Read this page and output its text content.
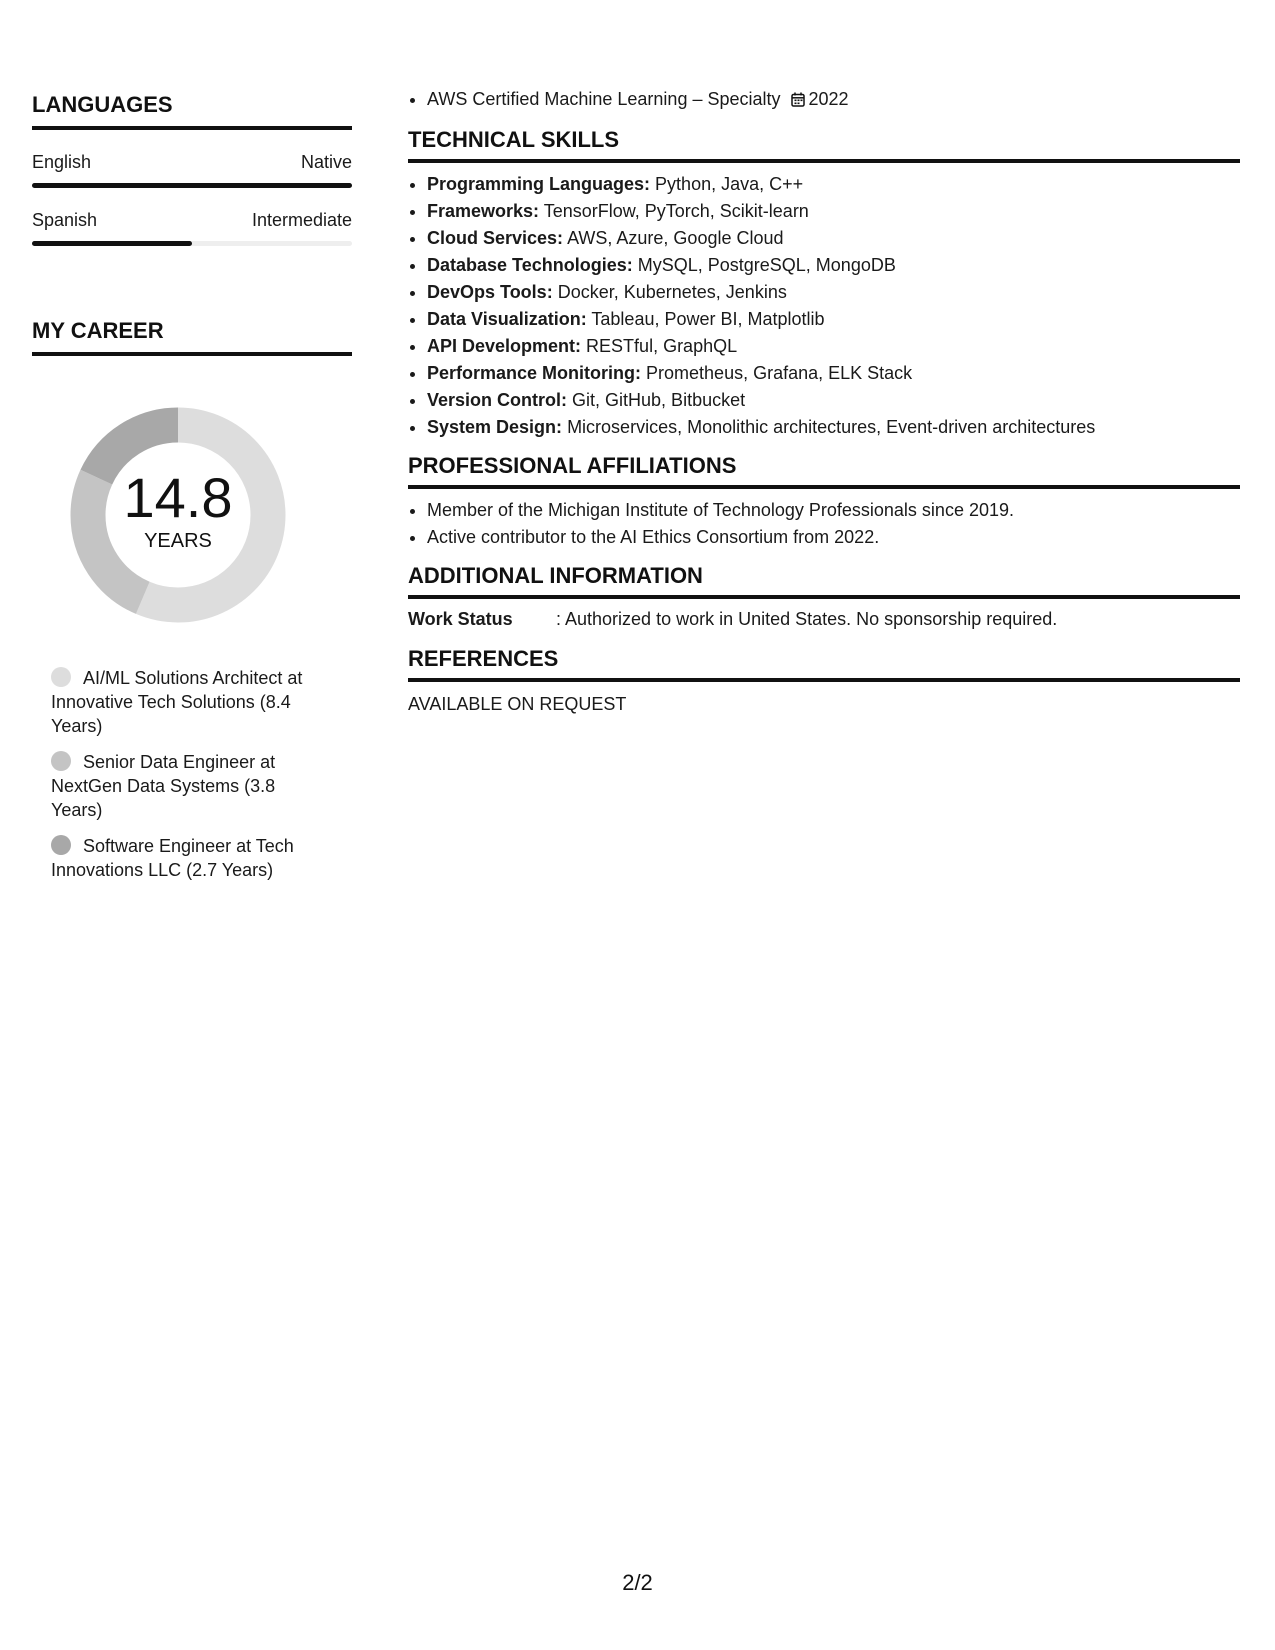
LANGUAGES
English	Native
Spanish	Intermediate
MY CAREER
14.8
YEARS
AI/ML Solutions Architect at Innovative Tech Solutions (8.4 Years)
Senior Data Engineer at NextGen Data Systems (3.8 Years)
Software Engineer at Tech Innovations LLC (2.7 Years)
• AWS Certified Machine Learning – Specialty 2022
TECHNICAL SKILLS
• Programming Languages: Python, Java, C++
• Frameworks: TensorFlow, PyTorch, Scikit-learn
• Cloud Services: AWS, Azure, Google Cloud
• Database Technologies: MySQL, PostgreSQL, MongoDB
• DevOps Tools: Docker, Kubernetes, Jenkins
• Data Visualization: Tableau, Power BI, Matplotlib
• API Development: RESTful, GraphQL
• Performance Monitoring: Prometheus, Grafana, ELK Stack
• Version Control: Git, GitHub, Bitbucket
• System Design: Microservices, Monolithic architectures, Event-driven architectures
PROFESSIONAL AFFILIATIONS
• Member of the Michigan Institute of Technology Professionals since 2019.
• Active contributor to the AI Ethics Consortium from 2022.
ADDITIONAL INFORMATION
Work Status	: Authorized to work in United States. No sponsorship required.
REFERENCES
AVAILABLE ON REQUEST
2/2
